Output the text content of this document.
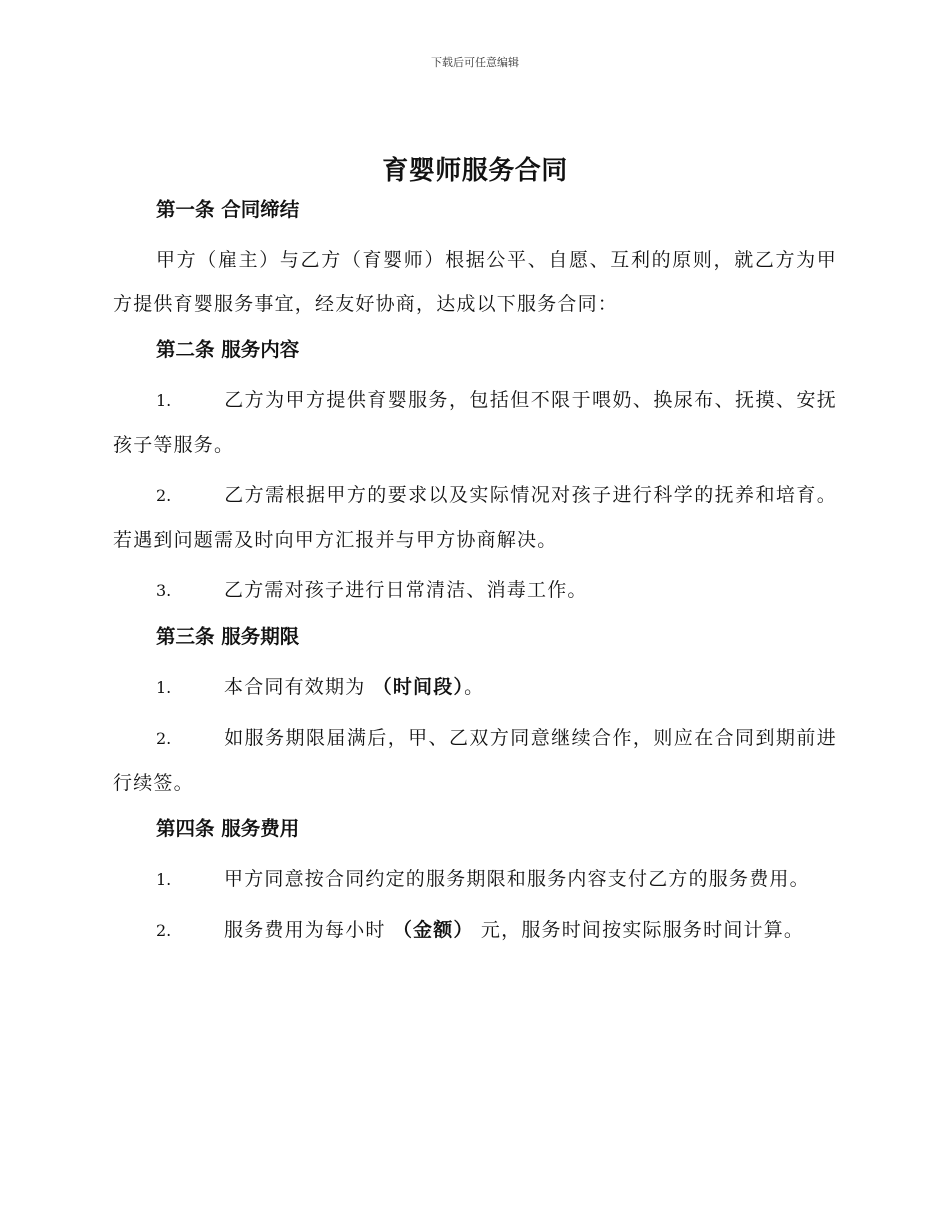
下载后可任意编辑
育婴师服务合同
第一条 合同缔结
甲方（雇主）与乙方（育婴师）根据公平、自愿、互利的原则，就乙方为甲方提供育婴服务事宜，经友好协商，达成以下服务合同：
第二条 服务内容
1.	乙方为甲方提供育婴服务，包括但不限于喂奶、换尿布、抚摸、安抚孩子等服务。
2.	乙方需根据甲方的要求以及实际情况对孩子进行科学的抚养和培育。若遇到问题需及时向甲方汇报并与甲方协商解决。
3.	乙方需对孩子进行日常清洁、消毒工作。
第三条 服务期限
1.	本合同有效期为 （时间段）。
2.	如服务期限届满后，甲、乙双方同意继续合作，则应在合同到期前进行续签。
第四条 服务费用
1.	甲方同意按合同约定的服务期限和服务内容支付乙方的服务费用。
2.	服务费用为每小时 （金额） 元，服务时间按实际服务时间计算。
